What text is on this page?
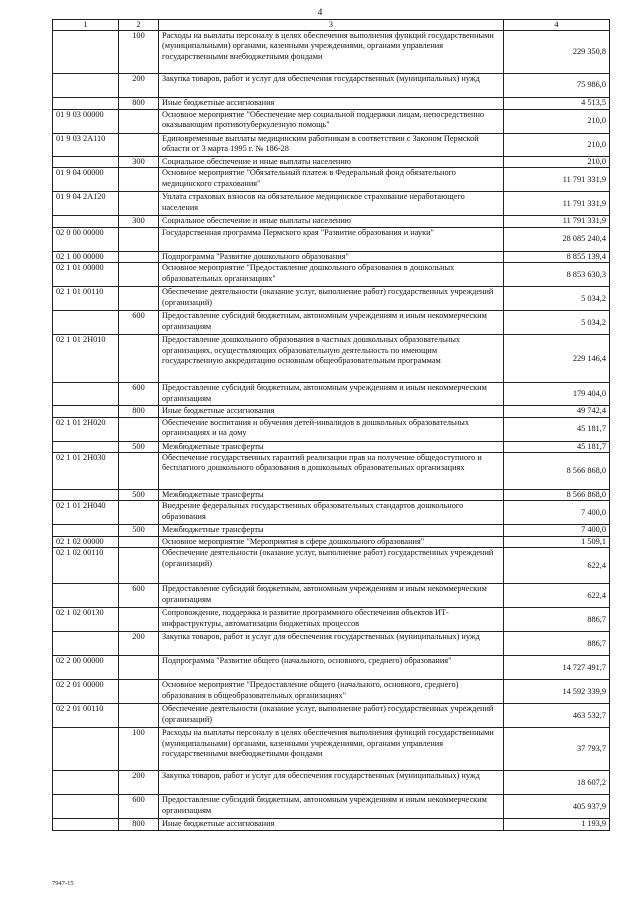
4
1	2	3	4
	100	Расходы на выплаты персоналу в целях обеспечения выполнения функций государственными (муниципальными) органами, казенными учреждениями, органами управления государственными внебюджетными фондами	229 350,8
	200	Закупка товаров, работ и услуг для обеспечения государственных (муниципальных) нужд	75 986,0
	800	Иные бюджетные ассигнования	4 513,5
01 9 03 00000		Основное мероприятие "Обеспечение мер социальной поддержки лицам, непосредственно оказывающим противотуберкулезную помощь"	210,0
01 9 03 2А110		Единовременные выплаты медицинским работникам в соответствии с Законом Пермской области от 3 марта 1995 г. № 186-28	210,0
	300	Социальное обеспечение и иные выплаты населению	210,0
01 9 04 00000		Основное мероприятие "Обязательный платеж в Федеральный фонд обязательного медицинского страхования"	11 791 331,9
01 9 04 2А120		Уплата страховых взносов на обязательное медицинское страхование неработающего населения	11 791 331,9
	300	Социальное обеспечение и иные выплаты населению	11 791 331,9
02 0 00 00000		Государственная программа Пермского края "Развитие образования и науки"	28 085 240,4
02 1 00 00000		Подпрограмма "Развитие дошкольного образования"	8 855 139,4
02 1 01 00000		Основное мероприятие "Предоставление дошкольного образования в дошкольных образовательных организациях"	8 853 630,3
02 1 01 00110		Обеспечение деятельности (оказание услуг, выполнение работ) государственных учреждений (организаций)	5 034,2
	600	Предоставление субсидий бюджетным, автономным учреждениям и иным некоммерческим организациям	5 034,2
02 1 01 2Н010		Предоставление дошкольного образования в частных дошкольных образовательных организациях, осуществляющих образовательную деятельность по имеющим государственную аккредитацию основным общеобразовательным программам	229 146,4
	600	Предоставление субсидий бюджетным, автономным учреждениям и иным некоммерческим организациям	179 404,0
	800	Иные бюджетные ассигнования	49 742,4
02 1 01 2Н020		Обеспечение воспитания и обучения детей-инвалидов в дошкольных образовательных организациях и на дому	45 181,7
	500	Межбюджетные трансферты	45 181,7
02 1 01 2Н030		Обеспечение государственных гарантий реализации прав на получение общедоступного и бесплатного дошкольного образования в дошкольных образовательных организациях	8 566 868,0
	500	Межбюджетные трансферты	8 566 868,0
02 1 01 2Н040		Внедрение федеральных государственных образовательных стандартов дошкольного образования	7 400,0
	500	Межбюджетные трансферты	7 400,0
02 1 02 00000		Основное мероприятие "Мероприятия в сфере дошкольного образования"	1 509,1
02 1 02 00110		Обеспечение деятельности (оказание услуг, выполнение работ) государственных учреждений (организаций)	622,4
	600	Предоставление субсидий бюджетным, автономным учреждениям и иным некоммерческим организациям	622,4
02 1 02 00130		Сопровождение, поддержка и развитие программного обеспечения объектов ИТ-инфраструктуры, автоматизации бюджетных процессов	886,7
	200	Закупка товаров, работ и услуг для обеспечения государственных (муниципальных) нужд	886,7
02 2 00 00000		Подпрограмма "Развитие общего (начального, основного, среднего) образования"	14 727 491,7
02 2 01 00000		Основное мероприятие "Предоставление общего (начального, основного, среднего) образования в общеобразовательных организациях"	14 592 339,9
02 2 01 00110		Обеспечение деятельности (оказание услуг, выполнение работ) государственных учреждений (организаций)	463 532,7
	100	Расходы на выплаты персоналу в целях обеспечения выполнения функций государственными (муниципальными) органами, казенными учреждениями, органами управления государственными внебюджетными фондами	37 793,7
	200	Закупка товаров, работ и услуг для обеспечения государственных (муниципальных) нужд	18 607,2
	600	Предоставление субсидий бюджетным, автономным учреждениям и иным некоммерческим организациям	405 937,9
	800	Иные бюджетные ассигнования	1 193,9
7947-15
